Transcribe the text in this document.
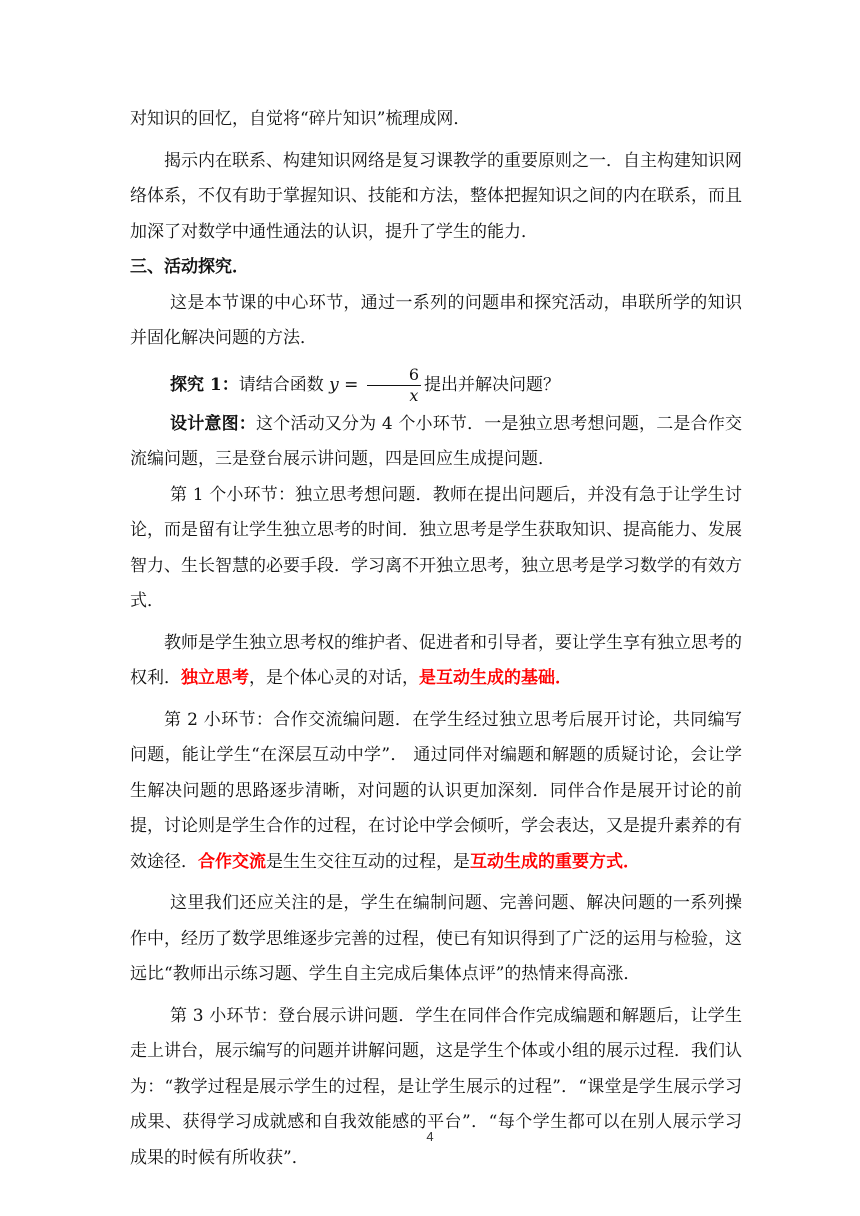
对知识的回忆，自觉将“碎片知识”梳理成网．

揭示内在联系、构建知识网络是复习课教学的重要原则之一．自主构建知识网络体系，不仅有助于掌握知识、技能和方法，整体把握知识之间的内在联系，而且加深了对数学中通性通法的认识，提升了学生的能力．

三、活动探究．

这是本节课的中心环节，通过一系列的问题串和探究活动，串联所学的知识并固化解决问题的方法．

探究 1：请结合函数 $y = \frac{6}{x}$ 提出并解决问题？

设计意图：这个活动又分为 4 个小环节．一是独立思考想问题，二是合作交流编问题，三是登台展示讲问题，四是回应生成提问题．

第 1 个小环节：独立思考想问题．教师在提出问题后，并没有急于让学生讨论，而是留有让学生独立思考的时间．独立思考是学生获取知识、提高能力、发展智力、生长智慧的必要手段．学习离不开独立思考，独立思考是学习数学的有效方式．

教师是学生独立思考权的维护者、促进者和引导者，要让学生享有独立思考的权利．独立思考，是个体心灵的对话，是互动生成的基础．

第 2 小环节：合作交流编问题．在学生经过独立思考后展开讨论，共同编写问题，能让学生“在深层互动中学”． 通过同伴对编题和解题的质疑讨论，会让学生解决问题的思路逐步清晰，对问题的认识更加深刻．同伴合作是展开讨论的前提，讨论则是学生合作的过程，在讨论中学会倾听，学会表达，又是提升素养的有效途径．合作交流是生生交往互动的过程，是互动生成的重要方式．

这里我们还应关注的是，学生在编制问题、完善问题、解决问题的一系列操作中，经历了数学思维逐步完善的过程，使已有知识得到了广泛的运用与检验，这远比“教师出示练习题、学生自主完成后集体点评”的热情来得高涨．

第 3 小环节：登台展示讲问题．学生在同伴合作完成编题和解题后，让学生走上讲台，展示编写的问题并讲解问题，这是学生个体或小组的展示过程．我们认为：“教学过程是展示学生的过程，是让学生展示的过程”．“课堂是学生展示学习成果、获得学习成就感和自我效能感的平台”．“每个学生都可以在别人展示学习成果的时候有所收获”．

4
